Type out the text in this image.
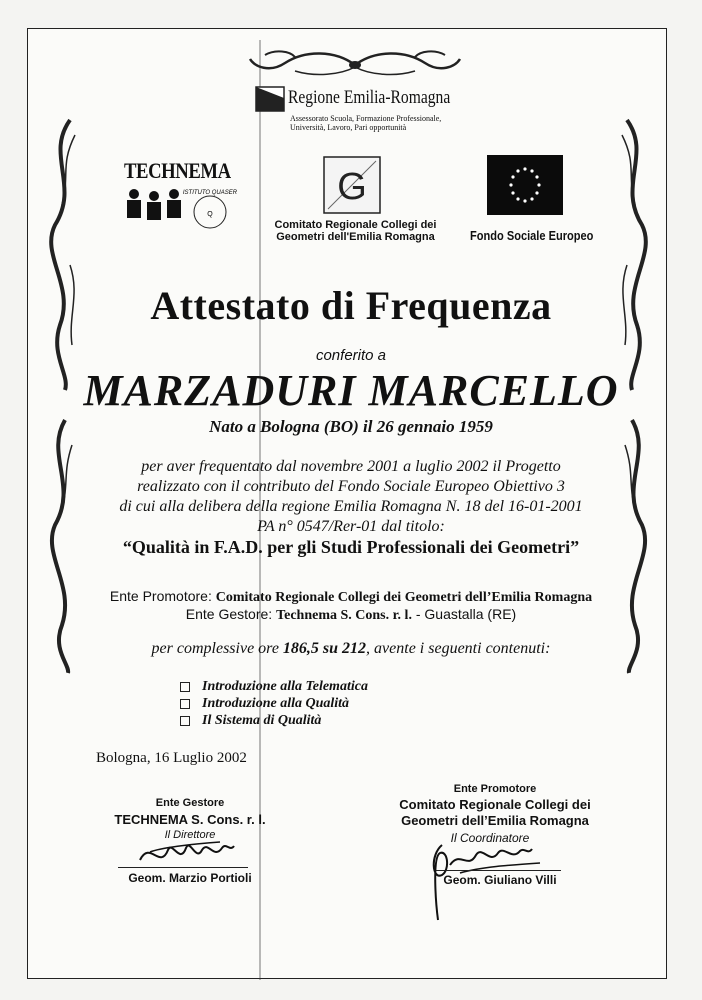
Regione Emilia-Romagna
Assessorato Scuola, Formazione Professionale, Università, Lavoro, Pari opportunità
TECHNEMA
Q
ISTITUTO QUASER	G
Comitato Regionale Collegi dei Geometri dell'Emilia Romagna	Fondo Sociale Europeo
Attestato di Frequenza
conferito a
MARZADURI MARCELLO
Nato a Bologna (BO) il 26 gennaio 1959
per aver frequentato dal novembre 2001 a luglio 2002 il Progetto
realizzato con il contributo del Fondo Sociale Europeo Obiettivo 3
di cui alla delibera della regione Emilia Romagna N. 18 del 16-01-2001
PA n° 0547/Rer-01 dal titolo:
“Qualità in F.A.D. per gli Studi Professionali dei Geometri”
Ente Promotore: Comitato Regionale Collegi dei Geometri dell’Emilia Romagna
Ente Gestore: Technema S. Cons. r. l. - Guastalla (RE)
per complessive ore 186,5 su 212, avente i seguenti contenuti:
Introduzione alla Telematica
Introduzione alla Qualità
Il Sistema di Qualità
Bologna, 16 Luglio 2002
Ente Gestore
TECHNEMA S. Cons. r. l.
Il Direttore
Geom. Marzio Portioli
Ente Promotore
Comitato Regionale Collegi dei
Geometri dell’Emilia Romagna
Il Coordinatore
Geom. Giuliano Villi
